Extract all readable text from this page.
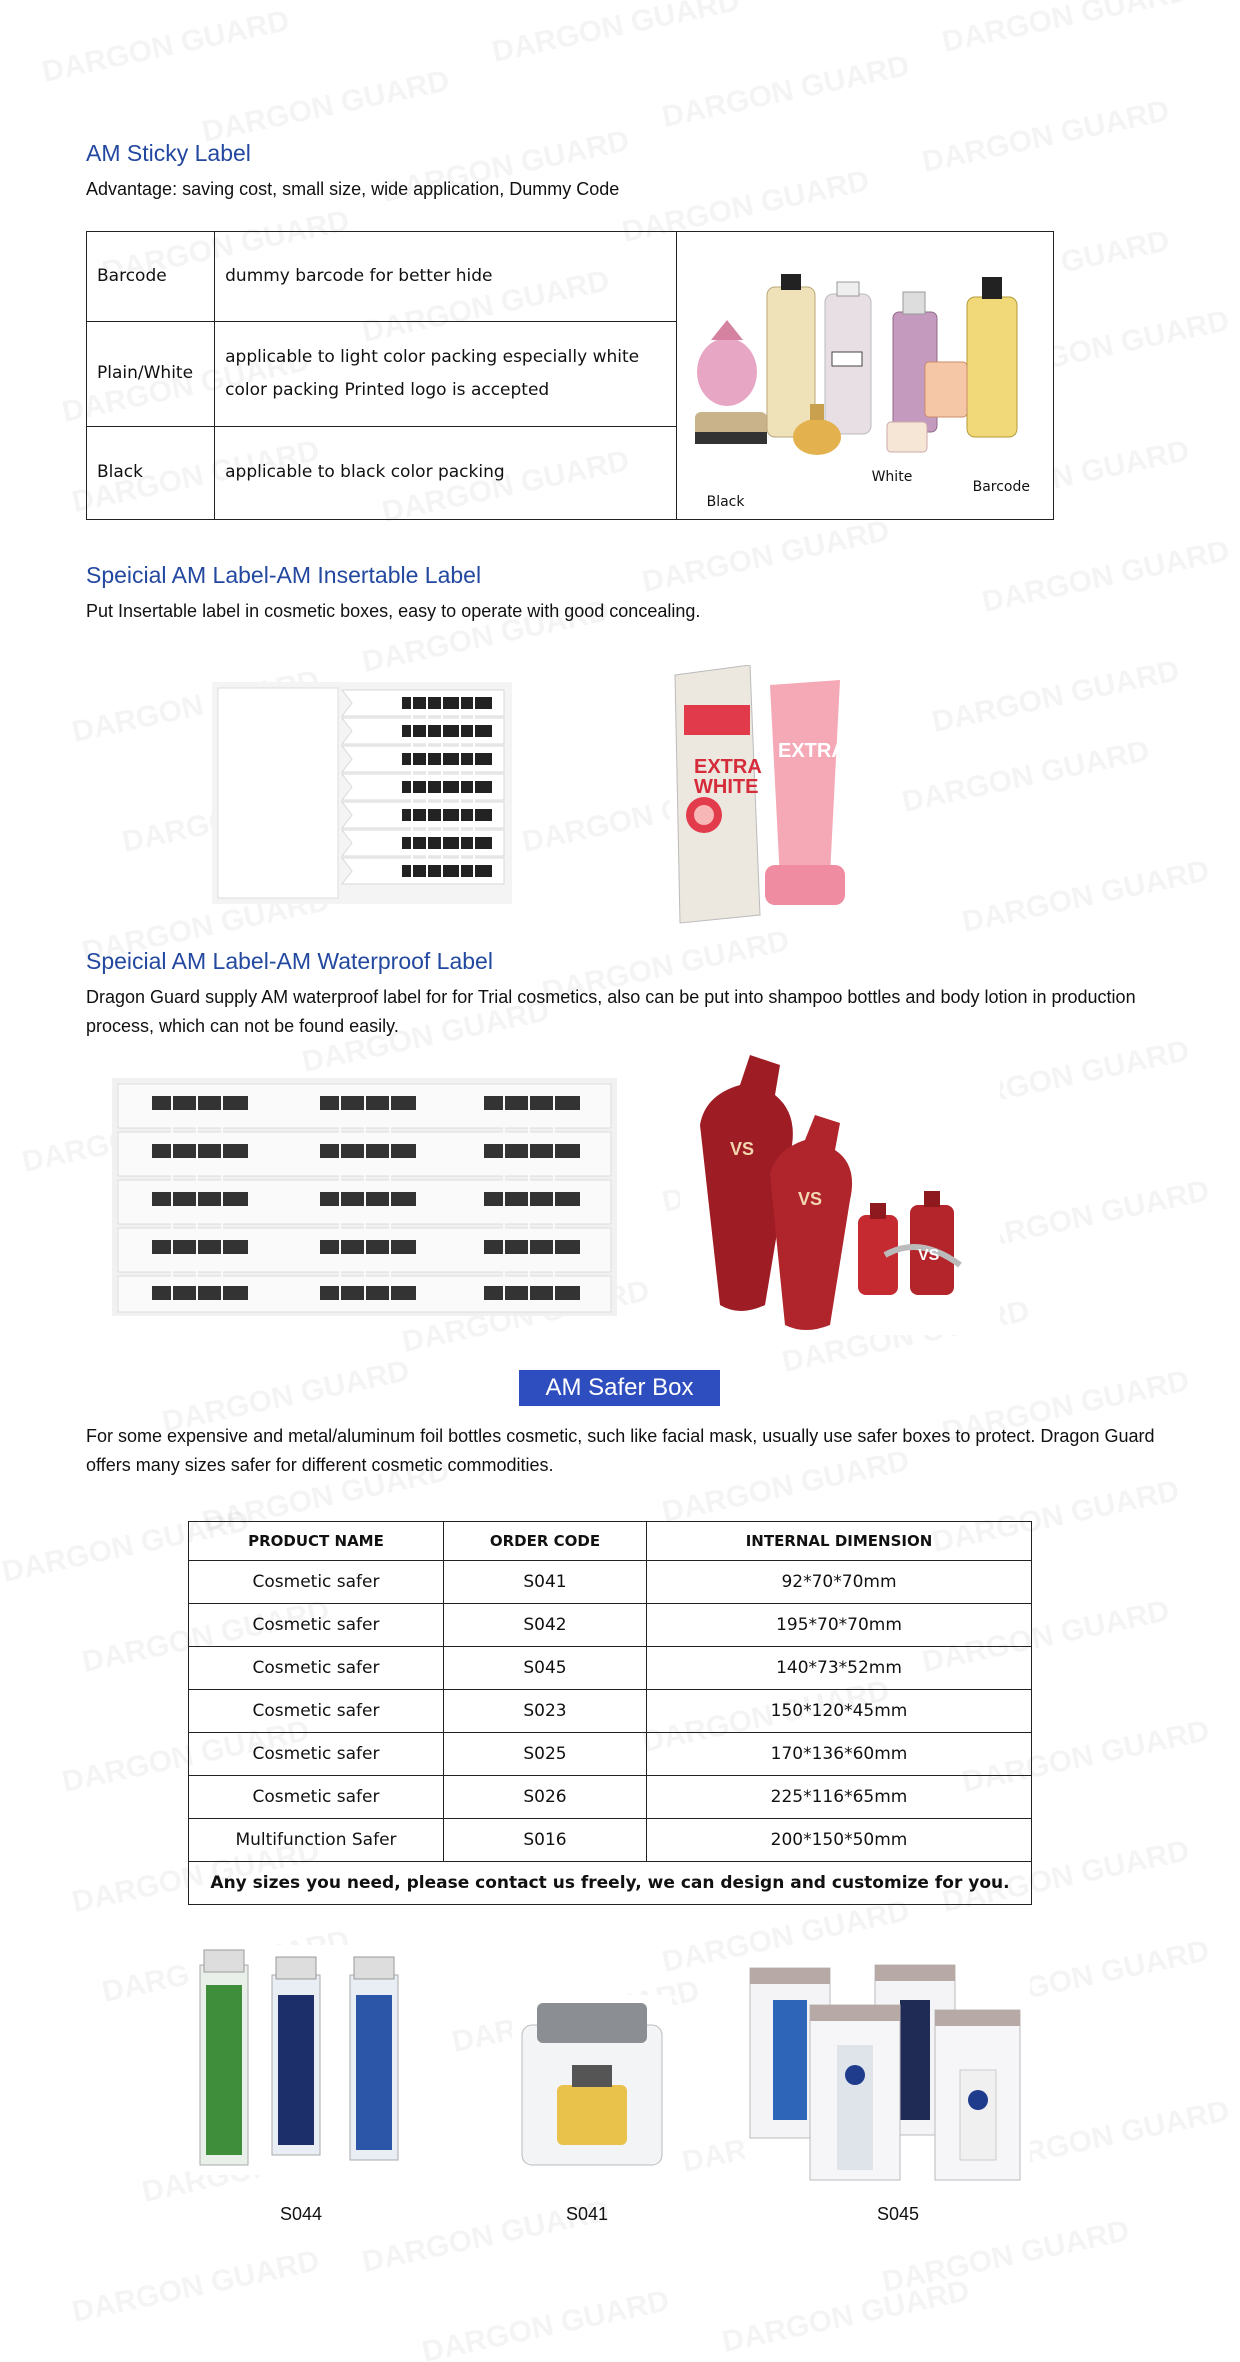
AM Sticky Label

Advantage: saving cost, small size, wide application, Dummy Code

Barcode	dummy barcode for better hide	Black
White
Barcode

Plain/White	applicable to light color packing especially white color packing Printed logo is accepted	
Black	applicable to black color packing	
Speicial AM Label-AM Insertable Label

Put Insertable label in cosmetic boxes, easy to operate with good concealing.

EXTRA
WHITE
EXTRA
Speicial AM Label-AM Waterproof Label

Dragon Guard supply AM waterproof label for for Trial cosmetics, also can be put into shampoo bottles and body lotion in production process, which can not be found easily.

VS
VS
VS
AM Safer Box

For some expensive and metal/aluminum foil bottles cosmetic, such like facial mask, usually use safer boxes to protect. Dragon Guard offers many sizes safer for different cosmetic commodities.

PRODUCT NAME	ORDER CODE	INTERNAL DIMENSION
Cosmetic safer	S041	92*70*70mm
Cosmetic safer	S042	195*70*70mm
Cosmetic safer	S045	140*73*52mm
Cosmetic safer	S023	150*120*45mm
Cosmetic safer	S025	170*136*60mm
Cosmetic safer	S026	225*116*65mm
Multifunction Safer	S016	200*150*50mm
Any sizes you need, please contact us freely, we can design and customize for you.		
S044	S041	S045
